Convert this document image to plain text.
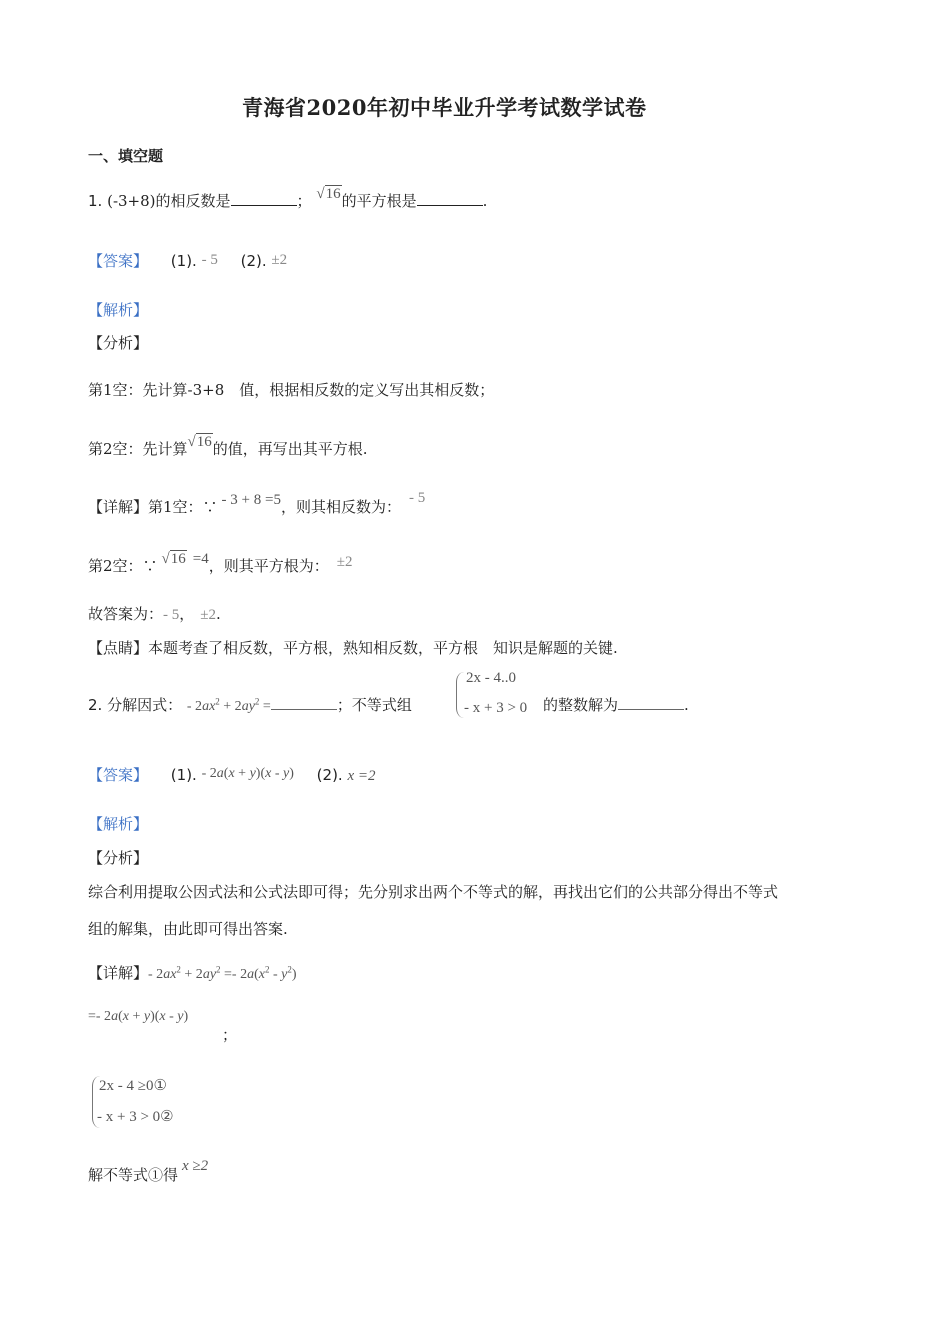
青海省2020年初中毕业升学考试数学试卷
一、填空题
1. (-3+8)的相反数是	； √16的平方根是	.
【答案】 (1). - 5 (2). ±2
【解析】
【分析】
第1空：先计算-3+8　值，根据相反数的定义写出其相反数；
第2空：先计算√16的值，再写出其平方根.
【详解】第1空：∵ - 3 + 8 =5，则其相反数为： - 5
第2空：∵ √16 =4，则其平方根为： ±2
故答案为：- 5， ±2.
【点睛】本题考查了相反数，平方根，熟知相反数，平方根　知识是解题的关键.
2. 分解因式： - $2ax^2 + 2ay^2$ =	；不等式组
2x - 4..0
- x + 3 > 0 的整数解为	.
【答案】 (1). - 2a(x + y)(x - y) (2). x =2
【解析】
【分析】
综合利用提取公因式法和公式法即可得；先分别求出两个不等式的解，再找出它们的公共部分得出不等式
组的解集，由此即可得出答案.
【详解】- $2ax^2 + 2ay^2 =- 2a(x^2 - y^2)$
=- 2a(x + y)(x - y)
；
2x - 4 ≥0①
- x + 3 > 0②
解不等式①得 x ≥2
